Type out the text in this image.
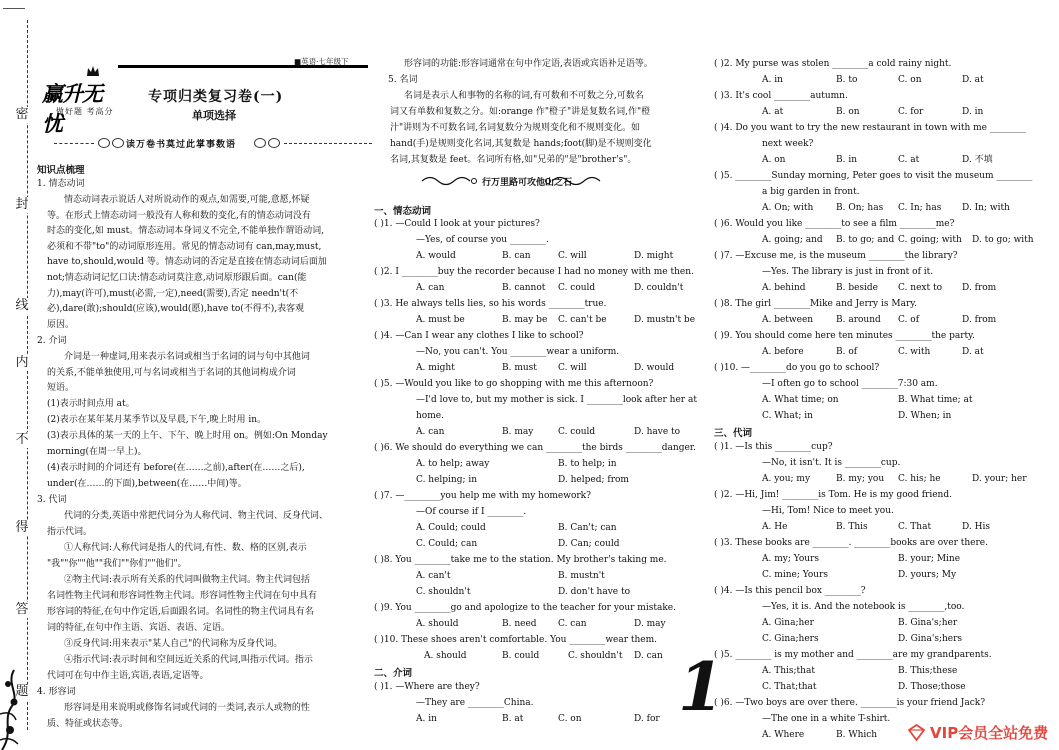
密
封
线
内
不
得
答
题
赢升无忧
做好题 考高分
■英语·七年级下
专项归类复习卷(一)
单项选择
读万卷书莫过此掌事数语
行万里路可攻他山之石
知识点梳理
1. 情态动词
情态动词表示说话人对所说动作的观点,如需要,可能,意愿,怀疑
等。在形式上情态动词一般没有人称和数的变化,有的情态动词没有
时态的变化,如 must。情态动词本身词义不完全,不能单独作谓语动词,
必须和不带"to"的动词原形连用。常见的情态动词有 can,may,must,
have to,should,would 等。情态动词的否定是直接在情态动词后面加
not;情态动词记忆口诀:情态动词莫注意,动词原形跟后面。can(能
力),may(许可),must(必需,一定),need(需要),否定 needn't(不
必),dare(敢);should(应该),would(愿),have to(不得不),表客观
原因。
2. 介词
介词是一种虚词,用来表示名词或相当于名词的词与句中其他词
的关系,不能单独使用,可与名词或相当于名词的其他词构成介词
短语。
(1)表示时间点用 at。
(2)表示在某年某月某季节以及早晨,下午,晚上时用 in。
(3)表示具体的某一天的上午、下午、晚上时用 on。例如:On Monday
morning(在周一早上)。
(4)表示时间的介词还有 before(在……之前),after(在……之后),
under(在……的下面),between(在……中间)等。
3. 代词
代词的分类,英语中常把代词分为人称代词、物主代词、反身代词、
指示代词。
①人称代词:人称代词是指人的代词,有性、数、格的区别,表示
"我""你""他""我们""你们""他们"。
②物主代词:表示所有关系的代词叫做物主代词。物主代词包括
名词性物主代词和形容词性物主代词。形容词性物主代词在句中具有
形容词的特征,在句中作定语,后面跟名词。名词性的物主代词具有名
词的特征,在句中作主语、宾语、表语、定语。
③反身代词:用来表示"某人自己"的代词称为反身代词。
④指示代词:表示时间和空间远近关系的代词,叫指示代词。指示
代词可在句中作主语,宾语,表语,定语等。
4. 形容词
形容词是用来说明或修饰名词或代词的一类词,表示人或物的性
质、特征或状态等。
形容词的功能:形容词通常在句中作定语,表语或宾语补足语等。
5. 名词
名词是表示人和事物的名称的词,有可数和不可数之分,可数名
词又有单数和复数之分。如:orange 作"橙子"讲是复数名词,作"橙
汁"讲则为不可数名词,名词复数分为规则变化和不规则变化。如
hand(手)是规则变化名词,其复数是 hands;foot(脚)是不规则变化
名词,其复数是 feet。名词所有格,如"兄弟的"是"brother's"。
一、情态动词
( )1. —Could I look at your pictures?
—Yes, of course you ________.
A. would	B. can	C. will	D. might
( )2. I ________buy the recorder because I had no money with me then.
A. can	B. cannot C. could	D. couldn't
( )3. He always tells lies, so his words ________true.
A. must be	B. may be C. can't be	D. mustn't be
( )4. —Can I wear any clothes I like to school?
—No, you can't. You ________wear a uniform.
A. might	B. must C. will	D. would
( )5. —Would you like to go shopping with me this afternoon?
—I'd love to, but my mother is sick. I ________look after her at
home.
A. can	B. may	C. could	D. have to
( )6. We should do everything we can ________the birds ________danger.
A. to help; away	B. to help; in
C. helping; in	D. helped; from
( )7. —________you help me with my homework?
—Of course if I ________.
A. Could; could	B. Can't; can
C. Could; can	D. Can; could
( )8. You ________take me to the station. My brother's taking me.
A. can't	B. mustn't
C. shouldn't	D. don't have to
( )9. You ________go and apologize to the teacher for your mistake.
A. should	B. need C. can	D. may
( )10. These shoes aren't comfortable. You ________wear them.
A. should	B. could	C. shouldn't D. can
二、介词
( )1. —Where are they?
—They are ________China.
A. in	B. at	C. on	D. for
( )2. My purse was stolen ________a cold rainy night.
A. in	B. to	C. on	D. at
( )3. It's cool ________autumn.
A. at	B. on	C. for	D. in
( )4. Do you want to try the new restaurant in town with me ________
next week?
A. on	B. in	C. at	D. 不填
( )5. ________Sunday morning, Peter goes to visit the museum ________
a big garden in front.
A. On; with	B. On; has C. In; has D. In; with
( )6. Would you like ________to see a film ________me?
A. going; and B. to go; and C. going; with D. to go; with
( )7. —Excuse me, is the museum ________the library?
—Yes. The library is just in front of it.
A. behind	B. beside C. next to D. from
( )8. The girl ________Mike and Jerry is Mary.
A. between	B. around C. of	D. from
( )9. You should come here ten minutes ________the party.
A. before	B. of	C. with	D. at
( )10. —________do you go to school?
—I often go to school ________7:30 am.
A. What time; on	B. What time; at
C. What; in	D. When; in
三、代词
( )1. —Is this ________cup?
—No, it isn't. It is ________cup.
A. you; my	B. my; you C. his; he	D. your; her
( )2. —Hi, Jim! ________is Tom. He is my good friend.
—Hi, Tom! Nice to meet you.
A. He	B. This	C. That	D. His
( )3. These books are ________. ________books are over there.
A. my; Yours	B. your; Mine
C. mine; Yours	D. yours; My
( )4. —Is this pencil box ________?
—Yes, it is. And the notebook is ________,too.
A. Gina;her	B. Gina's;her
C. Gina;hers	D. Gina's;hers
( )5. ________ is my mother and ________are my grandparents.
A. This;that	B. This;these
C. That;that	D. Those;those
( )6. —Two boys are over there. ________is your friend Jack?
—The one in a white T-shirt.
A. Where	B. Which
1
VIP会员全站免费
